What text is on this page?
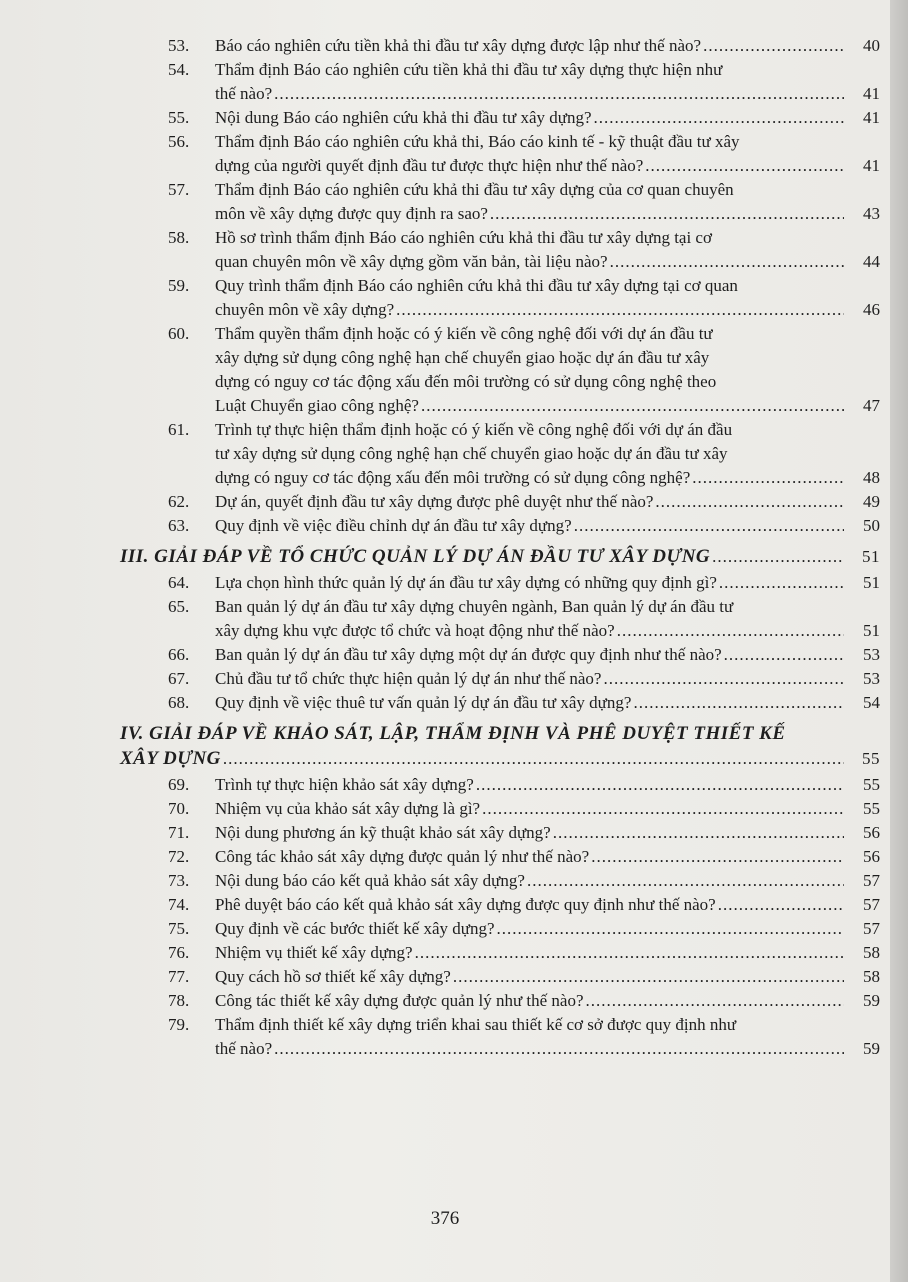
53. Báo cáo nghiên cứu tiền khả thi đầu tư xây dựng được lập như thế nào? .....	40
54. Thẩm định Báo cáo nghiên cứu tiền khả thi đầu tư xây dựng thực hiện như
thế nào? .....	41
55. Nội dung Báo cáo nghiên cứu khả thi đầu tư xây dựng? .....	41
56. Thẩm định Báo cáo nghiên cứu khả thi, Báo cáo kinh tế - kỹ thuật đầu tư xây
dựng của người quyết định đầu tư được thực hiện như thế nào? .....	41
57. Thẩm định Báo cáo nghiên cứu khả thi đầu tư xây dựng của cơ quan chuyên
môn về xây dựng được quy định ra sao? .....	43
58. Hồ sơ trình thẩm định Báo cáo nghiên cứu khả thi đầu tư xây dựng tại cơ
quan chuyên môn về xây dựng gồm văn bản, tài liệu nào? .....	44
59. Quy trình thẩm định Báo cáo nghiên cứu khả thi đầu tư xây dựng tại cơ quan
chuyên môn về xây dựng? .....	46
60. Thẩm quyền thẩm định hoặc có ý kiến về công nghệ đối với dự án đầu tư
xây dựng sử dụng công nghệ hạn chế chuyển giao hoặc dự án đầu tư xây
dựng có nguy cơ tác động xấu đến môi trường có sử dụng công nghệ theo
Luật Chuyển giao công nghệ? .....	47
61. Trình tự thực hiện thẩm định hoặc có ý kiến về công nghệ đối với dự án đầu
tư xây dựng sử dụng công nghệ hạn chế chuyển giao hoặc dự án đầu tư xây
dựng có nguy cơ tác động xấu đến môi trường có sử dụng công nghệ? .....	48
62. Dự án, quyết định đầu tư xây dựng được phê duyệt như thế nào? .....	49
63. Quy định về việc điều chỉnh dự án đầu tư xây dựng? .....	50
III. GIẢI ĐÁP VỀ TỔ CHỨC QUẢN LÝ DỰ ÁN ĐẦU TƯ XÂY DỰNG .....	51
64. Lựa chọn hình thức quản lý dự án đầu tư xây dựng có những quy định gì? .....	51
65. Ban quản lý dự án đầu tư xây dựng chuyên ngành, Ban quản lý dự án đầu tư
xây dựng khu vực được tổ chức và hoạt động như thế nào? .....	51
66. Ban quản lý dự án đầu tư xây dựng một dự án được quy định như thế nào? .....	53
67. Chủ đầu tư tổ chức thực hiện quản lý dự án như thế nào? .....	53
68. Quy định về việc thuê tư vấn quản lý dự án đầu tư xây dựng? .....	54
IV. GIẢI ĐÁP VỀ KHẢO SÁT, LẬP, THẨM ĐỊNH VÀ PHÊ DUYỆT THIẾT KẾ
XÂY DỰNG .....	55
69. Trình tự thực hiện khảo sát xây dựng? .....	55
70. Nhiệm vụ của khảo sát xây dựng là gì? .....	55
71. Nội dung phương án kỹ thuật khảo sát xây dựng? .....	56
72. Công tác khảo sát xây dựng được quản lý như thế nào? .....	56
73. Nội dung báo cáo kết quả khảo sát xây dựng? .....	57
74. Phê duyệt báo cáo kết quả khảo sát xây dựng được quy định như thế nào? .....	57
75. Quy định về các bước thiết kế xây dựng? .....	57
76. Nhiệm vụ thiết kế xây dựng? .....	58
77. Quy cách hồ sơ thiết kế xây dựng? .....	58
78. Công tác thiết kế xây dựng được quản lý như thế nào? .....	59
79. Thẩm định thiết kế xây dựng triển khai sau thiết kế cơ sở được quy định như
thế nào? .....	59
376
